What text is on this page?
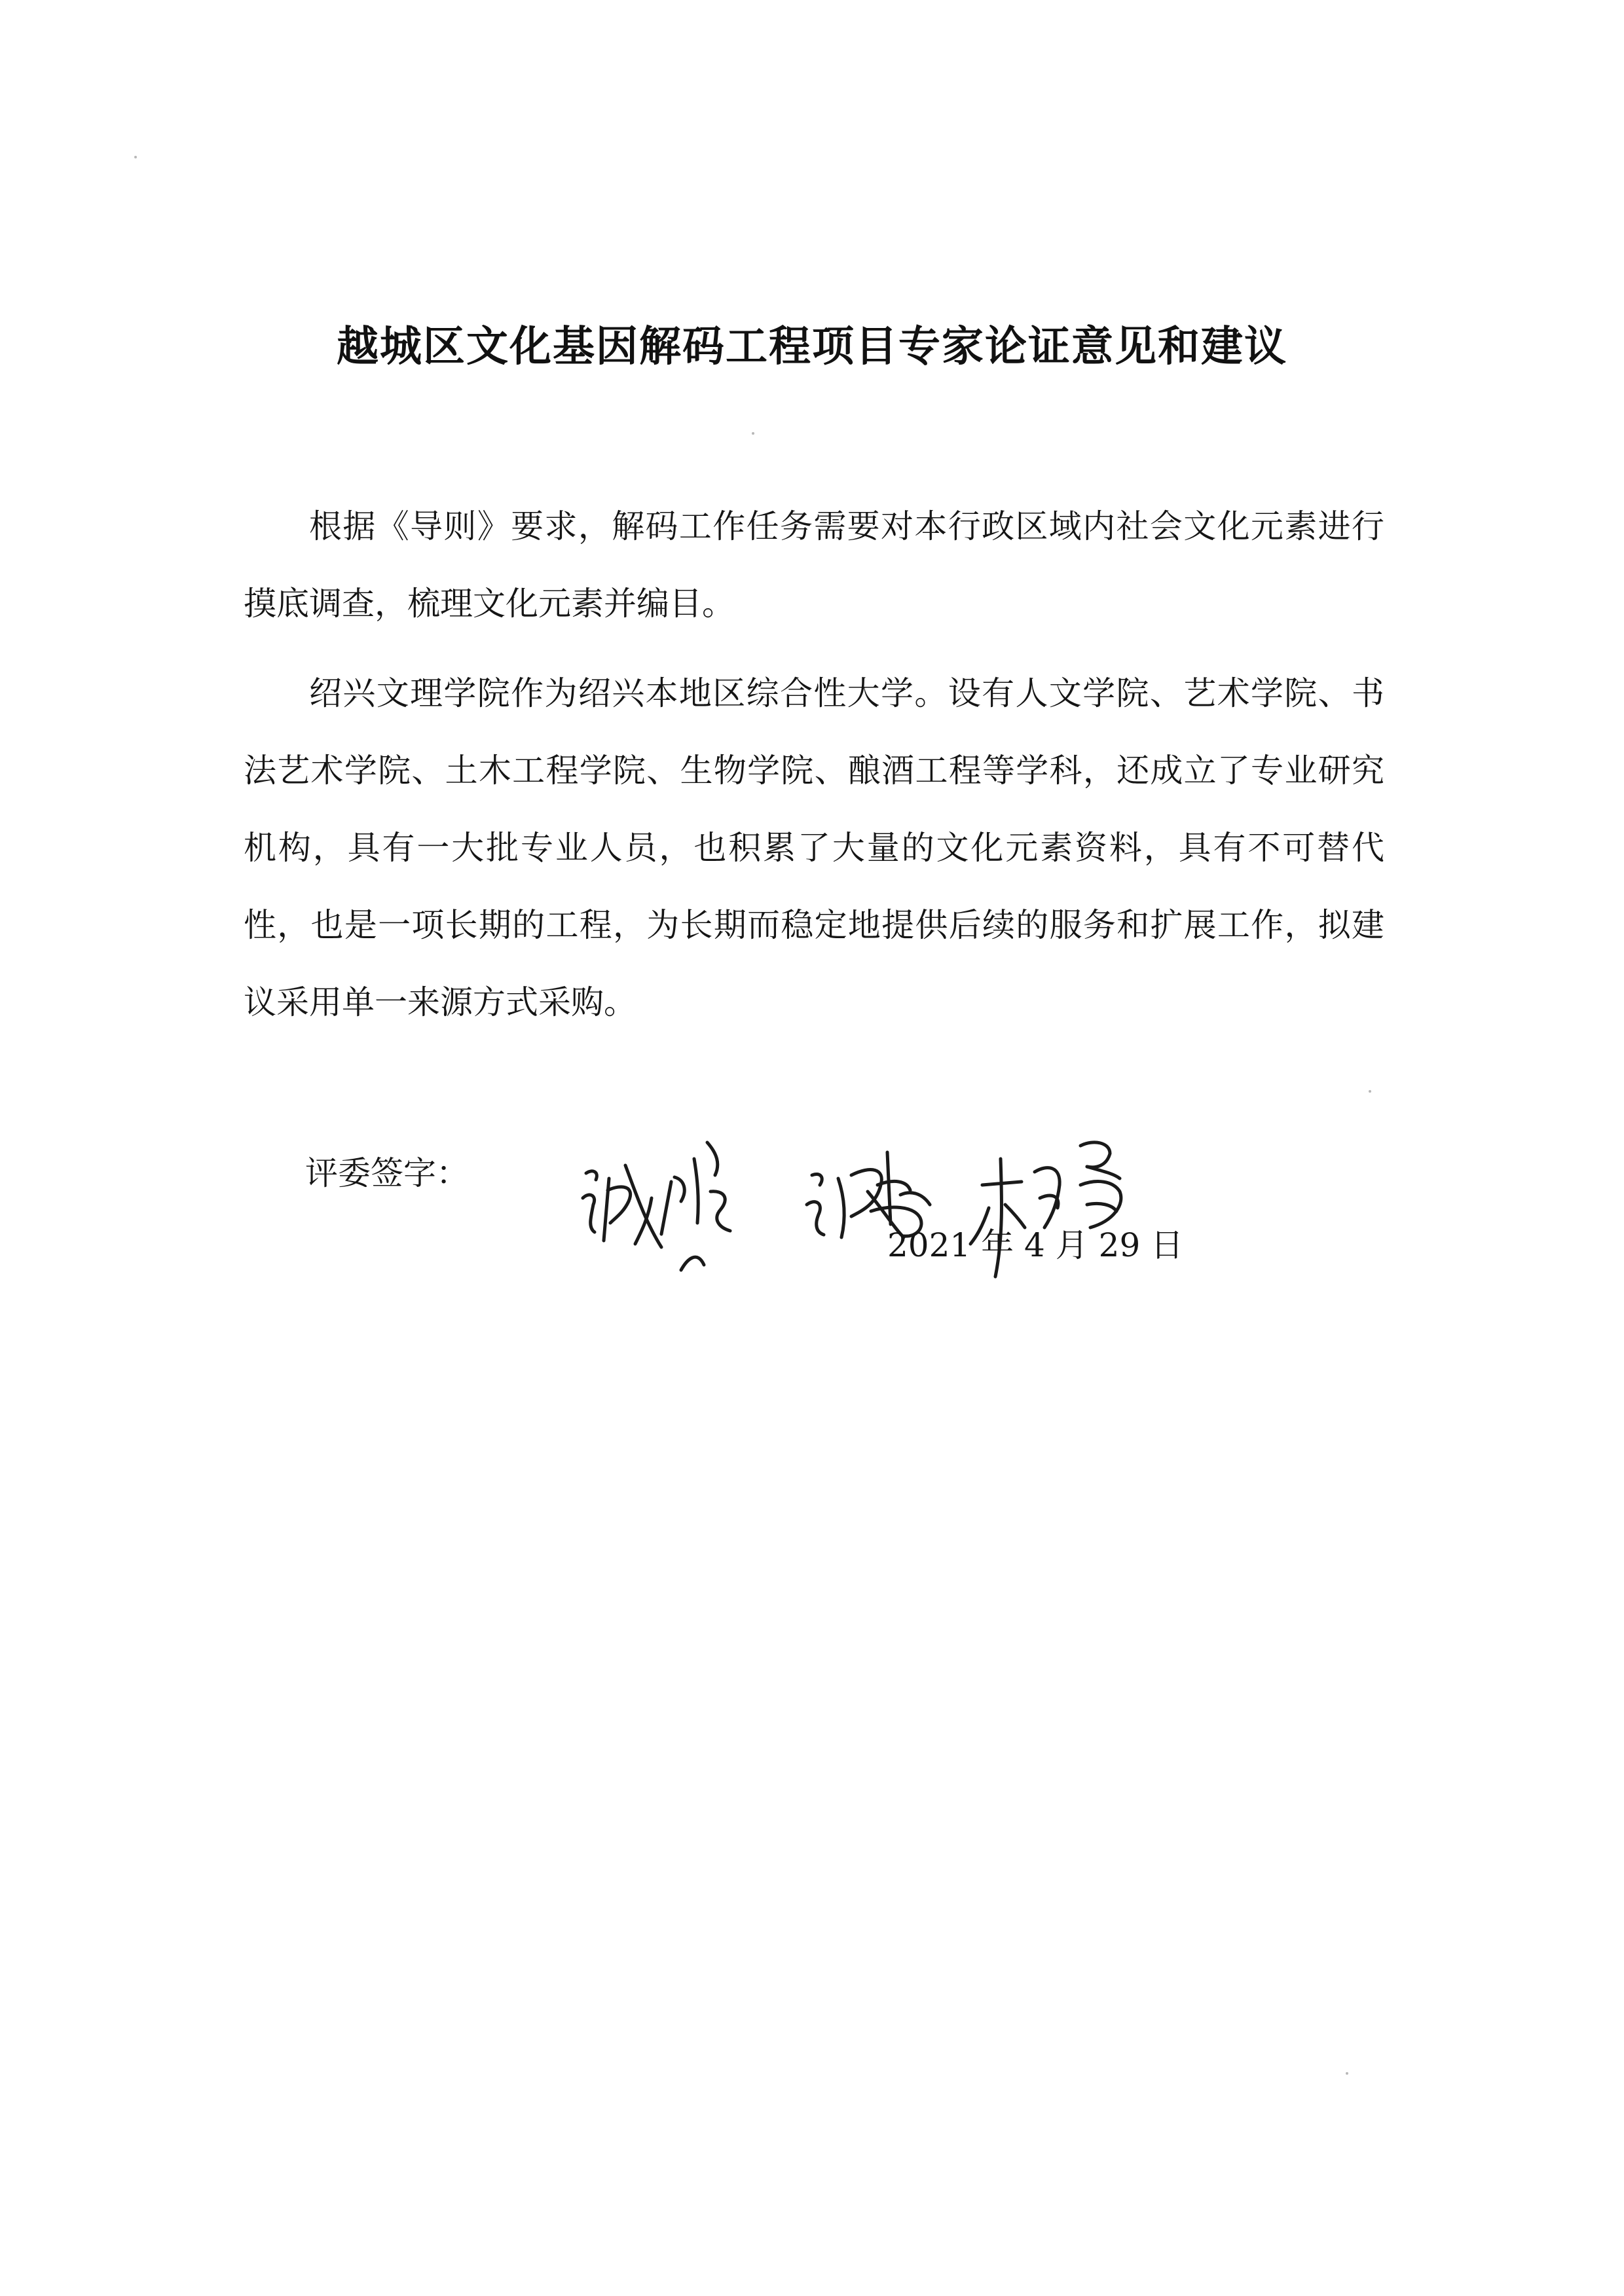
越城区文化基因解码工程项目专家论证意见和建议
根据《导则》要求，解码工作任务需要对本行政区域内社会文化元素进行摸底调查，梳理文化元素并编目。
绍兴文理学院作为绍兴本地区综合性大学。设有人文学院、艺术学院、书法艺术学院、土木工程学院、生物学院、酿酒工程等学科，还成立了专业研究机构，具有一大批专业人员，也积累了大量的文化元素资料，具有不可替代性，也是一项长期的工程，为长期而稳定地提供后续的服务和扩展工作，拟建议采用单一来源方式采购。
评委签字：
2021 年 4 月 29 日
